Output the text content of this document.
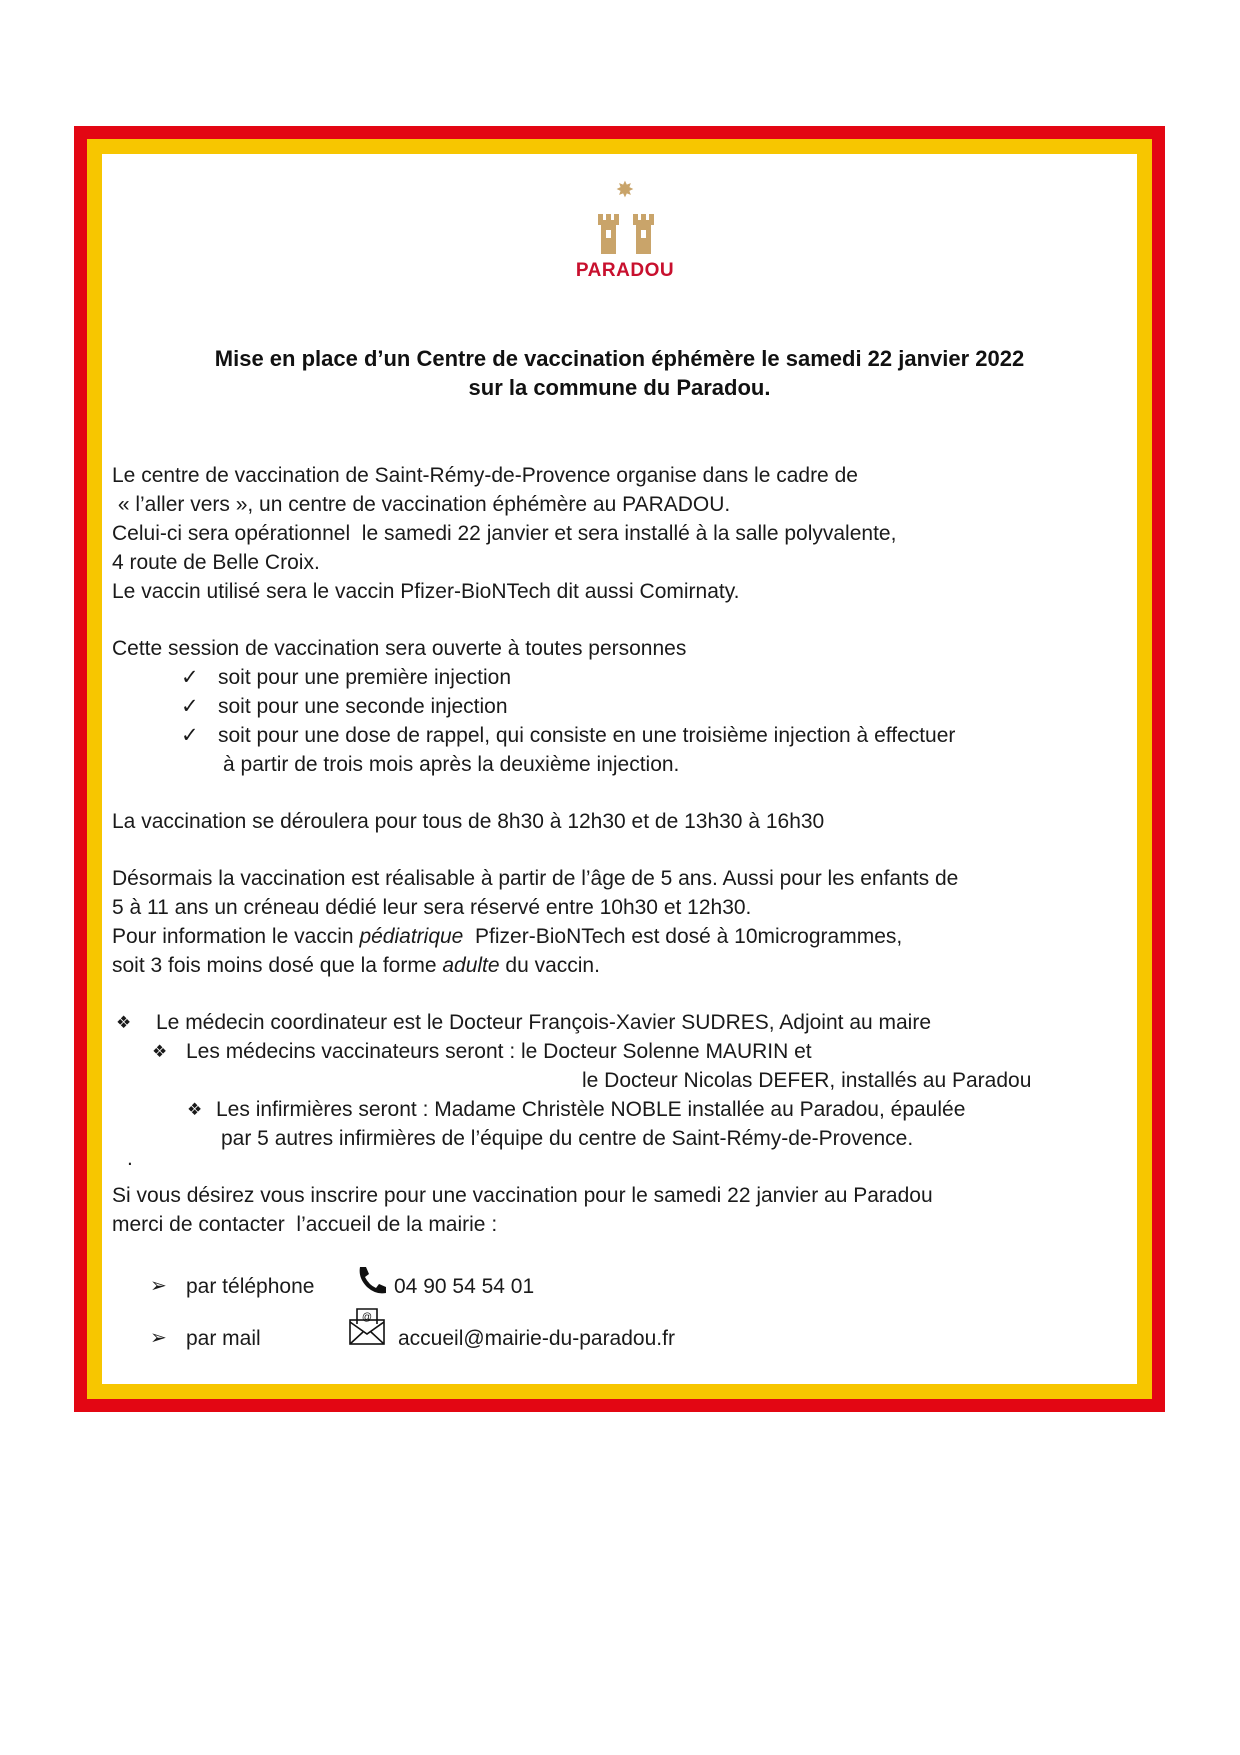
✸
PARADOU
Mise en place d’un Centre de vaccination éphémère le samedi 22 janvier 2022
sur la commune du Paradou.
Le centre de vaccination de Saint-Rémy-de-Provence organise dans le cadre de
« l’aller vers », un centre de vaccination éphémère au PARADOU.
Celui-ci sera opérationnel  le samedi 22 janvier et sera installé à la salle polyvalente,
4 route de Belle Croix.
Le vaccin utilisé sera le vaccin Pfizer-BioNTech dit aussi Comirnaty.
Cette session de vaccination sera ouverte à toutes personnes
✓ soit pour une première injection
✓ soit pour une seconde injection
✓ soit pour une dose de rappel, qui consiste en une troisième injection à effectuer
à partir de trois mois après la deuxième injection.
La vaccination se déroulera pour tous de 8h30 à 12h30 et de 13h30 à 16h30
Désormais la vaccination est réalisable à partir de l’âge de 5 ans. Aussi pour les enfants de
5 à 11 ans un créneau dédié leur sera réservé entre 10h30 et 12h30.
Pour information le vaccin pédiatrique  Pfizer-BioNTech est dosé à 10microgrammes,
soit 3 fois moins dosé que la forme adulte du vaccin.
❖ Le médecin coordinateur est le Docteur François-Xavier SUDRES, Adjoint au maire
❖ Les médecins vaccinateurs seront : le Docteur Solenne MAURIN et
le Docteur Nicolas DEFER, installés au Paradou
❖ Les infirmières seront : Madame Christèle NOBLE installée au Paradou, épaulée
par 5 autres infirmières de l’équipe du centre de Saint-Rémy-de-Provence.
.
Si vous désirez vous inscrire pour une vaccination pour le samedi 22 janvier au Paradou
merci de contacter  l’accueil de la mairie :
➢ par téléphone	04 90 54 54 01
➢ par mail
@
accueil@mairie-du-paradou.fr
